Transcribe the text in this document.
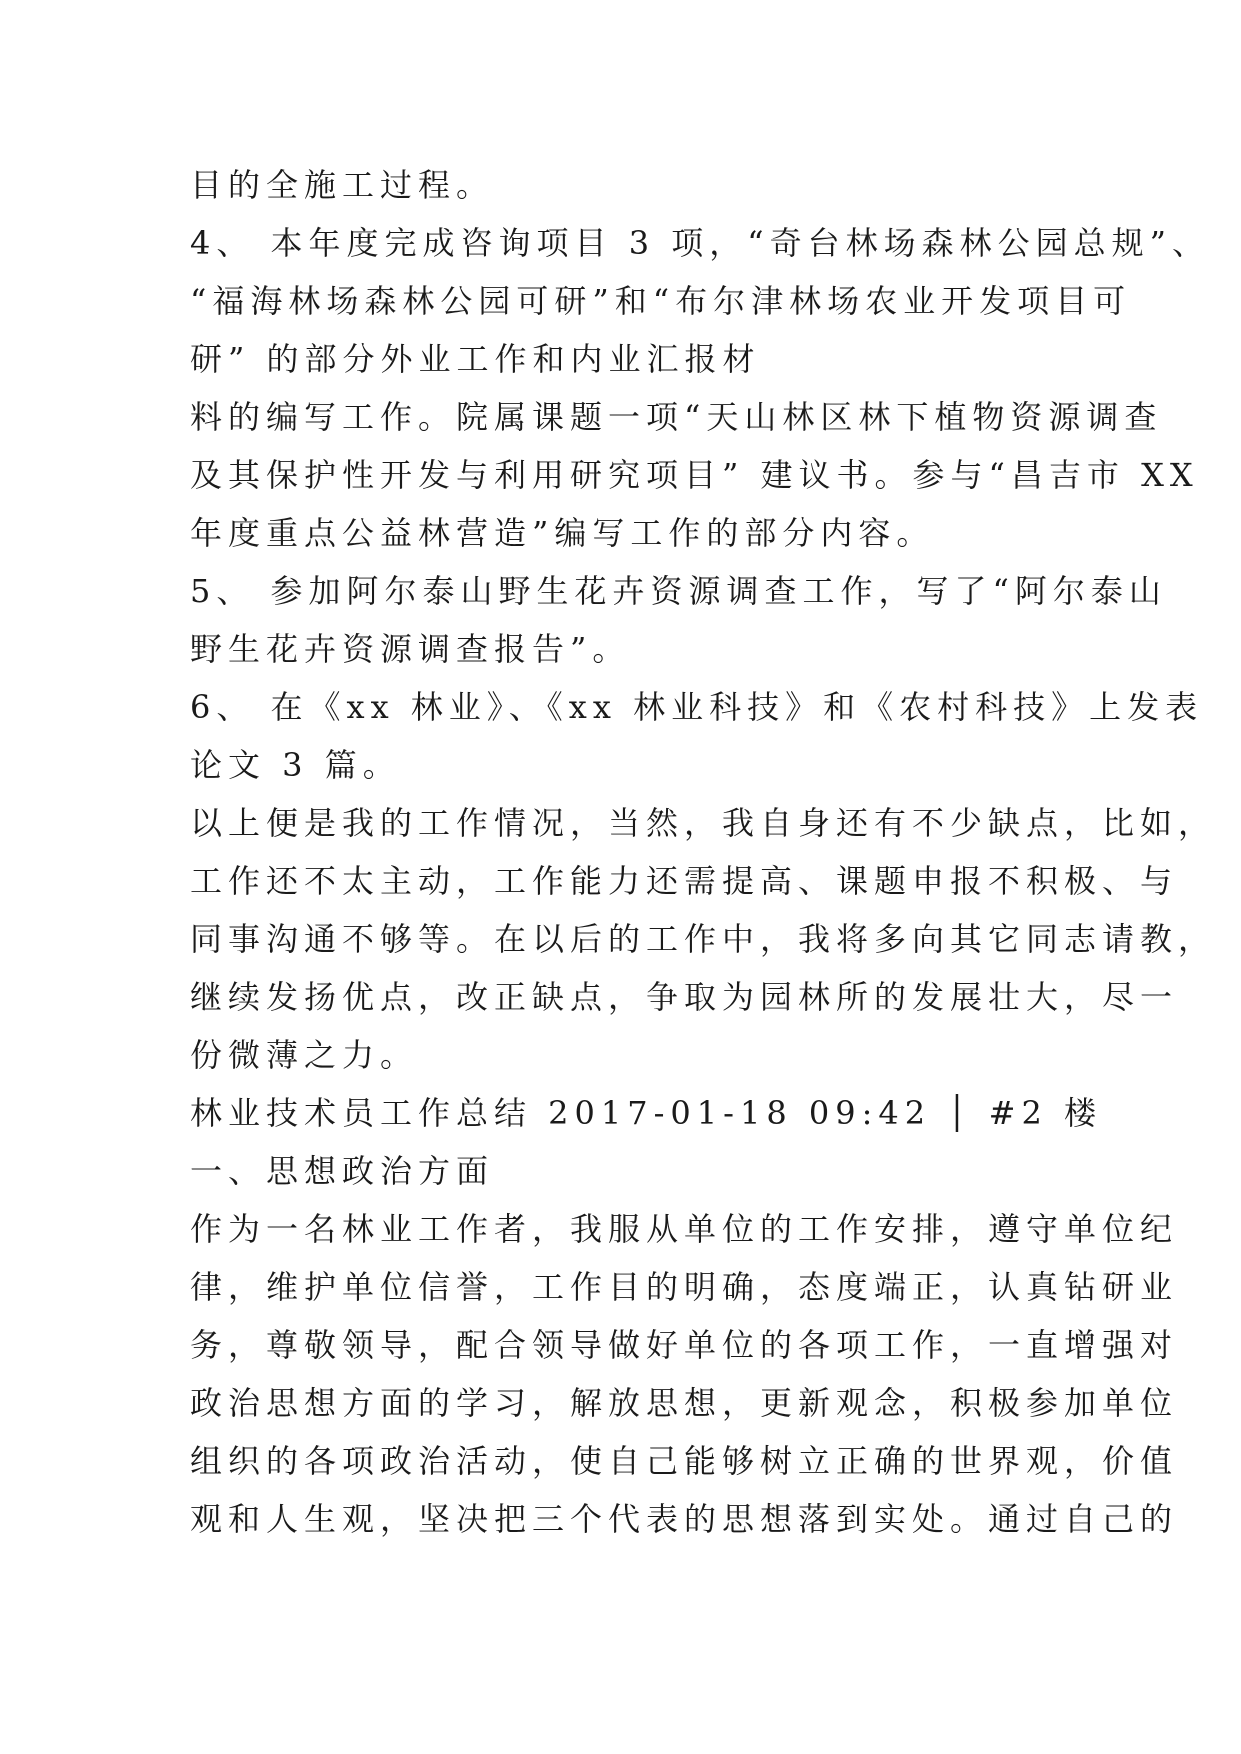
目的全施工过程。
4、 本年度完成咨询项目 3 项，“奇台林场森林公园总规”、
“福海林场森林公园可研”和“布尔津林场农业开发项目可
研” 的部分外业工作和内业汇报材
料的编写工作。院属课题一项“天山林区林下植物资源调查
及其保护性开发与利用研究项目” 建议书。参与“昌吉市 XX
年度重点公益林营造”编写工作的部分内容。
5、 参加阿尔泰山野生花卉资源调查工作，写了“阿尔泰山
野生花卉资源调查报告”。
6、 在《xx 林业》、《xx 林业科技》和《农村科技》上发表
论文 3 篇。
以上便是我的工作情况，当然，我自身还有不少缺点，比如，
工作还不太主动，工作能力还需提高、课题申报不积极、与
同事沟通不够等。在以后的工作中，我将多向其它同志请教，
继续发扬优点，改正缺点，争取为园林所的发展壮大，尽一
份微薄之力。
林业技术员工作总结 2017-01-18 09:42 │ #2 楼
一、思想政治方面
作为一名林业工作者，我服从单位的工作安排，遵守单位纪
律，维护单位信誉，工作目的明确，态度端正，认真钻研业
务，尊敬领导，配合领导做好单位的各项工作，一直增强对
政治思想方面的学习，解放思想，更新观念，积极参加单位
组织的各项政治活动，使自己能够树立正确的世界观，价值
观和人生观，坚决把三个代表的思想落到实处。通过自己的
